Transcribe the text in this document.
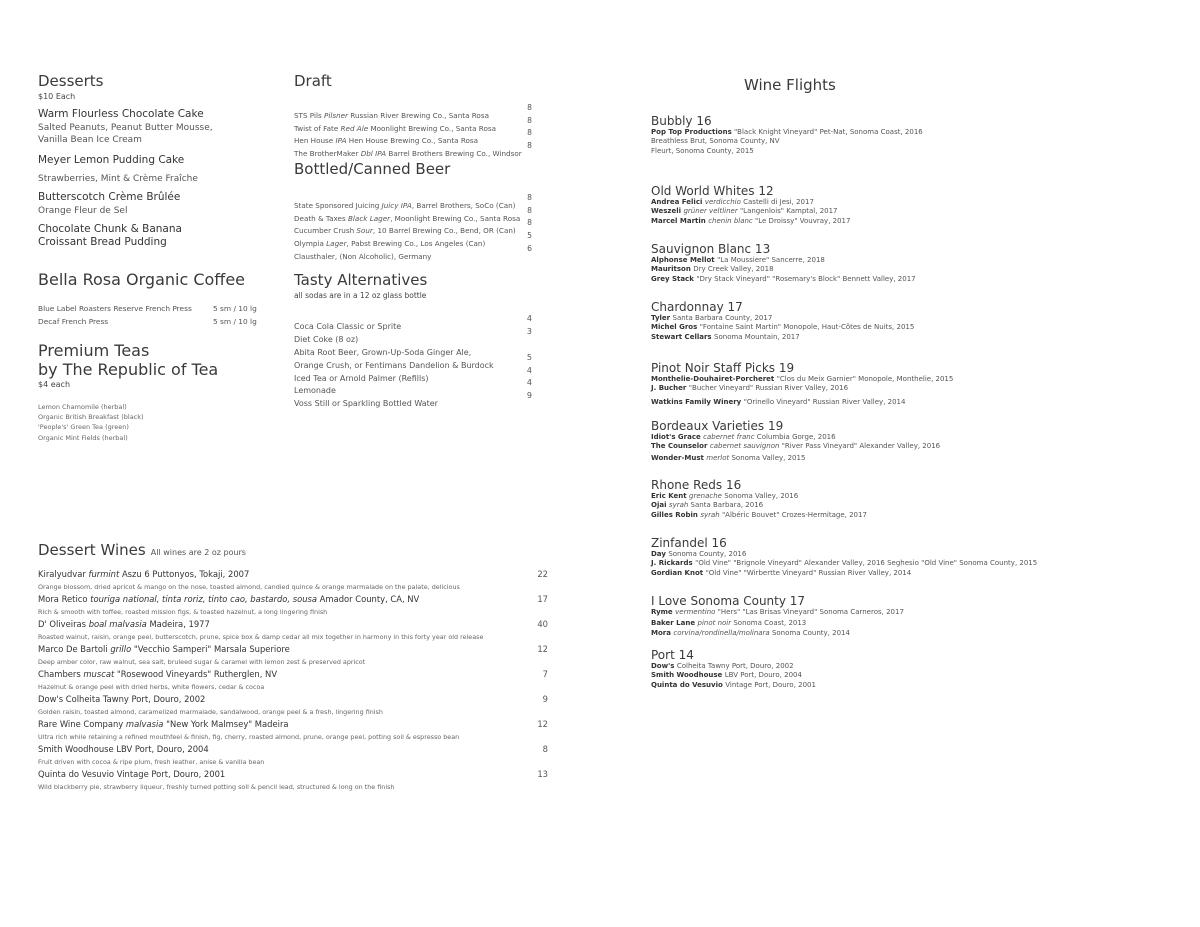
Desserts
$10 Each
Warm Flourless Chocolate Cake
Salted Peanuts, Peanut Butter Mousse,
Vanilla Bean Ice Cream
Meyer Lemon Pudding Cake
Strawberries, Mint & Crème Fraîche
Butterscotch Crème Brûlée
Orange Fleur de Sel
Chocolate Chunk & Banana
Croissant Bread Pudding
Bella Rosa Organic Coffee
Blue Label Roasters Reserve French Press	5 sm / 10 lg
Decaf French Press	5 sm / 10 lg
Premium Teas
by The Republic of Tea
$4 each
Lemon Chamomile (herbal)
Organic British Breakfast (black)
'People's' Green Tea (green)
Organic Mint Fields (herbal)
Draft
STS Pils Pilsner Russian River Brewing Co., Santa Rosa
8
Twist of Fate Red Ale Moonlight Brewing Co., Santa Rosa
8
Hen House IPA Hen House Brewing Co., Santa Rosa
8
The BrotherMaker Dbl IPA Barrel Brothers Brewing Co., Windsor
8
Bottled/Canned Beer
State Sponsored Juicing Juicy IPA, Barrel Brothers, SoCo (Can)
8
Death & Taxes Black Lager, Moonlight Brewing Co., Santa Rosa
8
Cucumber Crush Sour, 10 Barrel Brewing Co., Bend, OR (Can)
8
Olympia Lager, Pabst Brewing Co., Los Angeles (Can)
5
Clausthaler, (Non Alcoholic), Germany
6
Tasty Alternatives
all sodas are in a 12 oz glass bottle
Coca Cola Classic or Sprite
4
Diet Coke (8 oz)
3
Abita Root Beer, Grown-Up-Soda Ginger Ale,
Orange Crush, or Fentimans Dandelion & Burdock
5
Iced Tea or Arnold Palmer (Refills)
4
Lemonade
4
Voss Still or Sparkling Bottled Water
9
Dessert Wines All wines are 2 oz pours
Kiralyudvar furmint Aszu 6 Puttonyos, Tokaji, 2007	22
Orange blossom, dried apricot & mango on the nose, toasted almond, candied quince & orange marmalade on the palate, delicious
Mora Retico touriga national, tinta roriz, tinto cao, bastardo, sousa Amador County, CA, NV	17
Rich & smooth with toffee, roasted mission figs, & toasted hazelnut, a long lingering finish
D' Oliveiras boal malvasia Madeira, 1977	40
Roasted walnut, raisin, orange peel, butterscotch, prune, spice box & damp cedar all mix together in harmony in this forty year old release
Marco De Bartoli grillo "Vecchio Samperi" Marsala Superiore	12
Deep amber color, raw walnut, sea salt, bruleed sugar & caramel with lemon zest & preserved apricot
Chambers muscat "Rosewood Vineyards" Rutherglen, NV	7
Hazelnut & orange peel with dried herbs, white flowers, cedar & cocoa
Dow's Colheita Tawny Port, Douro, 2002	9
Golden raisin, toasted almond, caramelized marmalade, sandalwood, orange peel & a fresh, lingering finish
Rare Wine Company malvasia "New York Malmsey" Madeira	12
Ultra rich while retaining a refined mouthfeel & finish, fig, cherry, roasted almond, prune, orange peel, potting soil & espresso bean
Smith Woodhouse LBV Port, Douro, 2004	8
Fruit driven with cocoa & ripe plum, fresh leather, anise & vanilla bean
Quinta do Vesuvio Vintage Port, Douro, 2001	13
Wild blackberry pie, strawberry liqueur, freshly turned potting soil & pencil lead, structured & long on the finish
Wine Flights
Bubbly 16
Pop Top Productions "Black Knight Vineyard" Pet-Nat, Sonoma Coast, 2016
Breathless Brut, Sonoma County, NV
Fleurt, Sonoma County, 2015
Old World Whites 12
Andrea Felici verdicchio Castelli di Jesi, 2017
Weszeli grüner veltliner "Langenlois" Kamptal, 2017
Marcel Martin chenin blanc "Le Droissy" Vouvray, 2017
Sauvignon Blanc 13
Alphonse Mellot "La Moussiere" Sancerre, 2018
Mauritson Dry Creek Valley, 2018
Grey Stack "Dry Stack Vineyard" "Rosemary's Block" Bennett Valley, 2017
Chardonnay 17
Tyler Santa Barbara County, 2017
Michel Gros "Fontaine Saint Martin" Monopole, Haut-Côtes de Nuits, 2015
Stewart Cellars Sonoma Mountain, 2017
Pinot Noir Staff Picks 19
Monthelie-Douhairet-Porcheret "Clos du Meix Garnier" Monopole, Monthelie, 2015
J. Bucher "Bucher Vineyard" Russian River Valley, 2016
Watkins Family Winery "Orinello Vineyard" Russian River Valley, 2014
Bordeaux Varieties 19
Idiot's Grace cabernet franc Columbia Gorge, 2016
The Counselor cabernet sauvignon "River Pass Vineyard" Alexander Valley, 2016
Wonder-Must merlot Sonoma Valley, 2015
Rhone Reds 16
Eric Kent grenache Sonoma Valley, 2016
Ojai syrah Santa Barbara, 2016
Gilles Robin syrah "Albéric Bouvet" Crozes-Hermitage, 2017
Zinfandel 16
Day Sonoma County, 2016
J. Rickards "Old Vine" "Brignole Vineyard" Alexander Valley, 2016 Seghesio "Old Vine" Sonoma County, 2015
Gordian Knot "Old Vine" "Wirbertte Vineyard" Russian River Valley, 2014
I Love Sonoma County 17
Ryme vermentino "Hers" "Las Brisas Vineyard" Sonoma Carneros, 2017
Baker Lane pinot noir Sonoma Coast, 2013
Mora corvina/rondinella/molinara Sonoma County, 2014
Port 14
Dow's Colheita Tawny Port, Douro, 2002
Smith Woodhouse LBV Port, Douro, 2004
Quinta do Vesuvio Vintage Port, Douro, 2001
